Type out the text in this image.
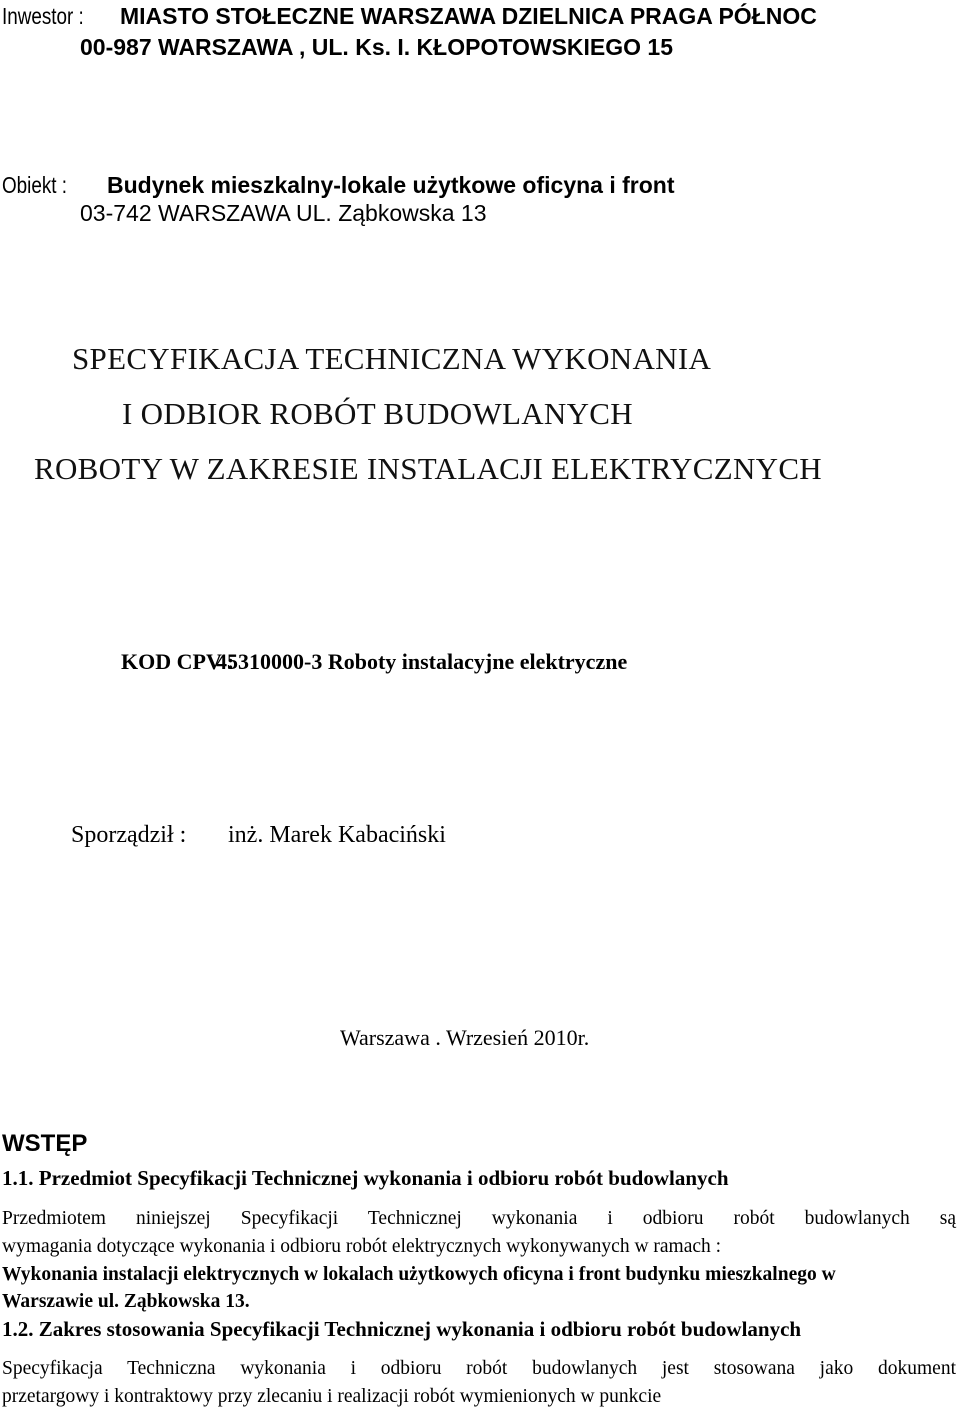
Inwestor :	MIASTO STOŁECZNE WARSZAWA DZIELNICA PRAGA PÓŁNOC
00-987 WARSZAWA , UL. Ks. I. KŁOPOTOWSKIEGO 15
Obiekt :	Budynek mieszkalny-lokale użytkowe oficyna i front
03-742 WARSZAWA UL. Ząbkowska 13
SPECYFIKACJA TECHNICZNA WYKONANIA
I ODBIOR ROBÓT BUDOWLANYCH
ROBOTY W ZAKRESIE INSTALACJI ELEKTRYCZNYCH
KOD CPV :
45310000-3 Roboty instalacyjne elektryczne
Sporządził : inż. Marek Kabaciński
Warszawa . Wrzesień 2010r.
WSTĘP
1.1. Przedmiot Specyfikacji Technicznej wykonania i odbioru robót budowlanych
Przedmiotem niniejszej Specyfikacji Technicznej wykonania i odbioru robót budowlanych są
wymagania dotyczące wykonania i odbioru robót elektrycznych wykonywanych w ramach :
Wykonania instalacji elektrycznych w lokalach użytkowych oficyna i front budynku mieszkalnego w
Warszawie ul. Ząbkowska 13.
1.2. Zakres stosowania Specyfikacji Technicznej wykonania i odbioru robót budowlanych
Specyfikacja Techniczna wykonania i odbioru robót budowlanych jest stosowana jako dokument
przetargowy i kontraktowy przy zlecaniu i realizacji robót wymienionych w punkcie
